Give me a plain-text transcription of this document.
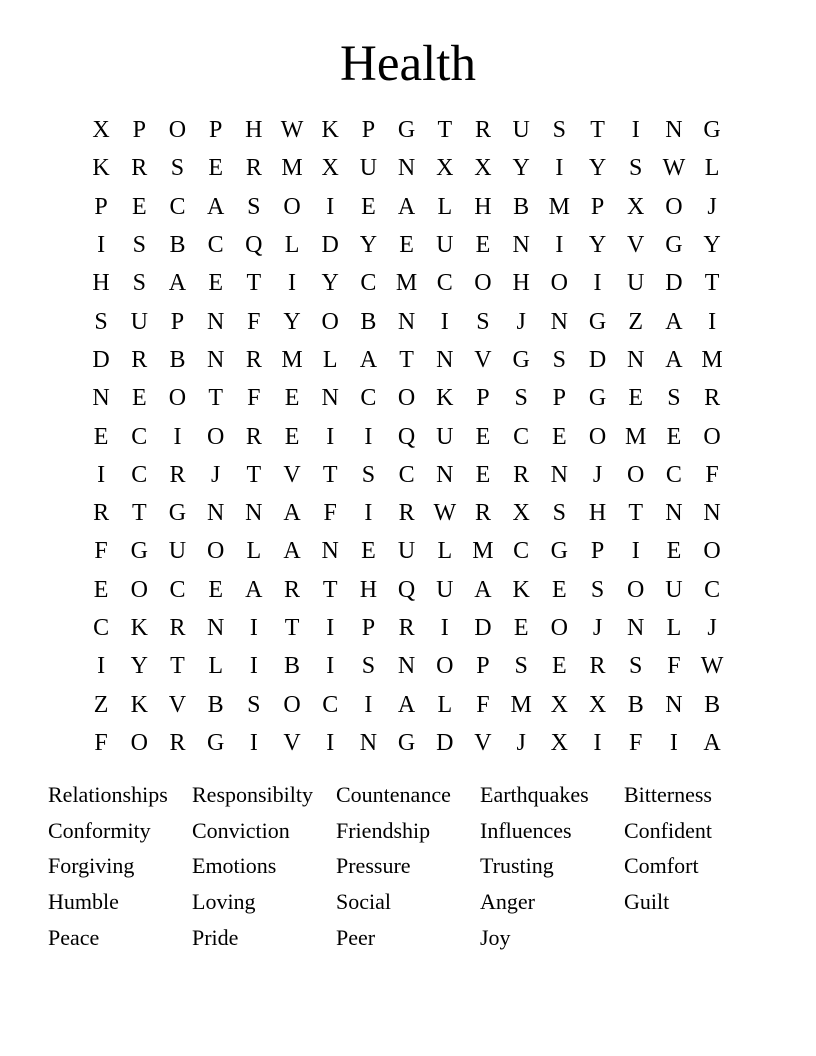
Health
X P O P H W K P G T R U S	T	I	N G
K R S	E R M X U N X X Y	I	Y S W L
P	E C A S O	I	E A L H B M P X O	J
I	S B C Q L D Y E U E N	I	Y V G Y
H S A E T	I	Y C M C O H O	I	U D T
S U P N F Y O B N	I	S	J	N G Z A	I
D R B N R M L A T N V G S D N A M
N E O T	F	E N C O K P	S	P G E	S R
E C	I	O R E	I	I	Q U E C E O M E O
I	C R	J	T V T	S C N E R N	J	O C F
R T G N N A F	I	R W R X S H T N N
F G U O L A N E U L M C G P	I	E O
E O C E A R T H Q U A K E	S O U C
C K R N	I	T	I	P R	I	D E O	J	N L	J
I	Y T L	I	B	I	S N O P	S	E R S	F W
Z K V B S O C	I	A L	F M X X B N B
F O R G	I	V	I	N G D V	J	X	I	F	I	A
Relationships	Responsibilty	Countenance	Earthquakes	Bitterness
Conformity	Conviction	Friendship	Influences	Confident
Forgiving	Emotions	Pressure	Trusting	Comfort
Humble	Loving	Social	Anger	Guilt
Peace	Pride	Peer	Joy
